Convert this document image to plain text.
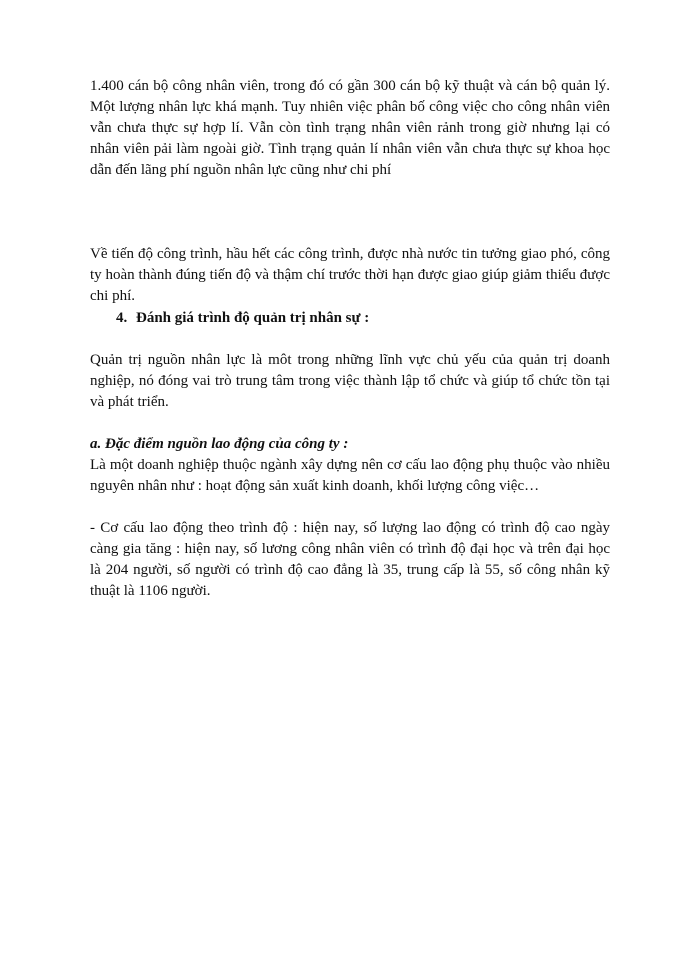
1.400 cán bộ công nhân viên, trong đó có gần 300 cán bộ kỹ thuật và cán bộ quản lý. Một lượng nhân lực khá mạnh. Tuy nhiên việc phân bố công việc cho công nhân viên vẫn chưa thực sự hợp lí. Vẫn còn tình trạng nhân viên rảnh trong giờ nhưng lại có nhân viên pải làm ngoài giờ. Tình trạng quản lí nhân viên vẫn chưa thực sự khoa học dẫn đến lãng phí nguồn nhân lực cũng như chi phí

Về tiến độ công trình, hầu hết các công trình, được nhà nước tin tưởng giao phó, công ty hoàn thành đúng tiến độ và thậm chí trước thời hạn được giao giúp giảm thiểu được chi phí.

4. Đánh giá trình độ quản trị nhân sự :

Quản trị nguồn nhân lực là môt trong những lĩnh vực chủ yếu của quản trị doanh nghiệp, nó đóng vai trò trung tâm trong việc thành lập tổ chức và giúp tổ chức tồn tại và phát triển.

a. Đặc điểm nguồn lao động của công ty :

Là một doanh nghiệp thuộc ngành xây dựng nên cơ cấu lao động phụ thuộc vào nhiều nguyên nhân như : hoạt động sản xuất kinh doanh, khối lượng công việc…

- Cơ cấu lao động theo trình độ : hiện nay, số lượng lao động có trình độ cao ngày càng gia tăng : hiện nay, số lương công nhân viên có trình độ đại học và trên đại học là 204 người, số người có trình độ cao đẳng là 35, trung cấp là 55, số công nhân kỹ thuật là 1106 người.
